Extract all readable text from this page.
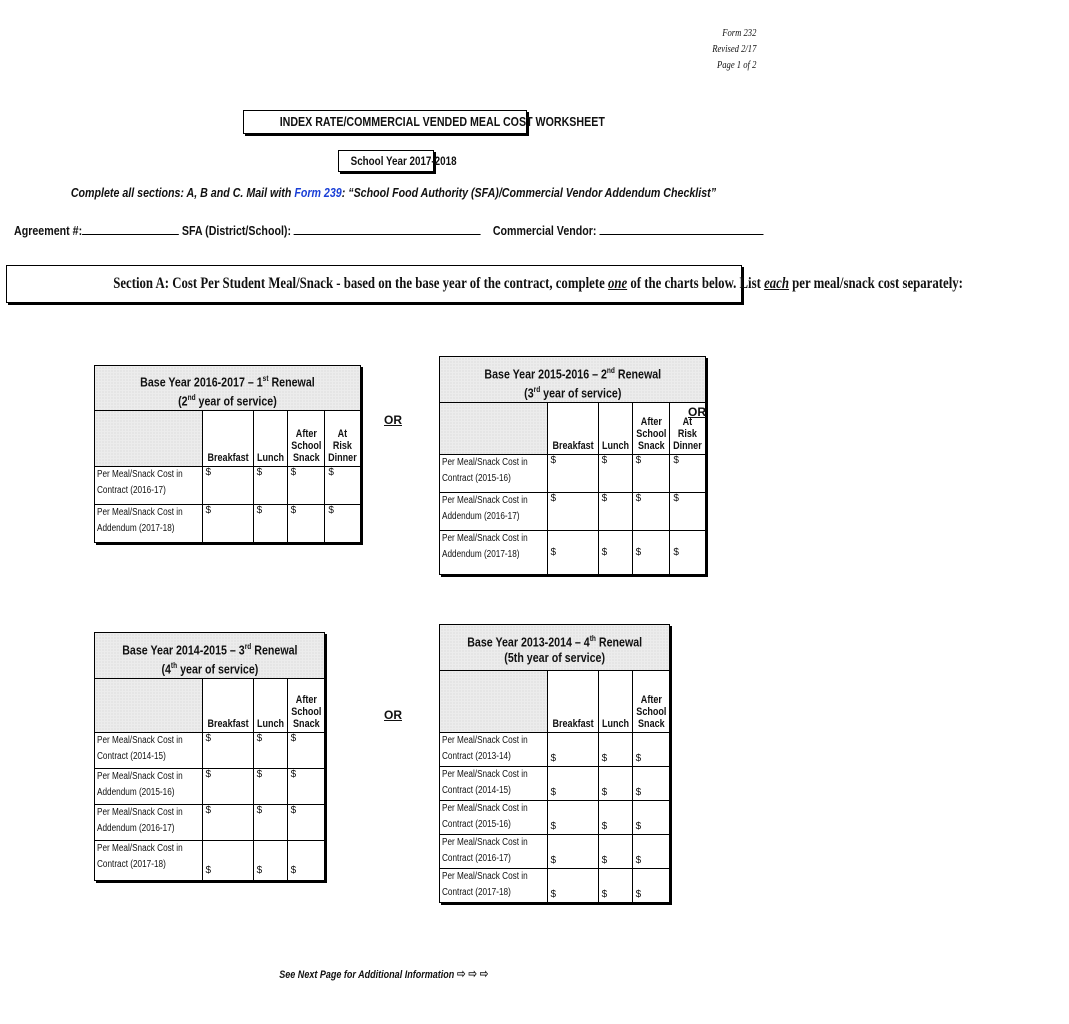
Form 232
Revised 2/17
Page 1 of 2
INDEX RATE/COMMERCIAL VENDED MEAL COST WORKSHEET
School Year 2017-2018
Complete all sections: A, B and C. Mail with Form 239: “School Food Authority (SFA)/Commercial Vendor Addendum Checklist”
Agreement #:	SFA (District/School):	Commercial Vendor:
Section A: Cost Per Student Meal/Snack - based on the base year of the contract, complete one of the charts below. List each per meal/snack cost separately:
Base Year 2016-2017 – 1st Renewal
(2nd year of service)				
	Breakfast	Lunch	After
School
Snack	At
Risk
Dinner
Per Meal/Snack Cost in
Contract (2016-17)	$	$	$	$
Per Meal/Snack Cost in
Addendum (2017-18)	$	$	$	$
OR
Base Year 2015-2016 – 2nd Renewal
(3rd year of service)				
	Breakfast	Lunch	After
School
Snack	At
Risk
Dinner
Per Meal/Snack Cost in
Contract (2015-16)	$	$	$	$
Per Meal/Snack Cost in
Addendum (2016-17)	$	$	$	$
Per Meal/Snack Cost in
Addendum (2017-18)	$	$	$	$
OR
Base Year 2014-2015 – 3rd Renewal
(4th year of service)			
	Breakfast	Lunch	After
School
Snack
Per Meal/Snack Cost in
Contract (2014-15)	$	$	$
Per Meal/Snack Cost in
Addendum (2015-16)	$	$	$
Per Meal/Snack Cost in
Addendum (2016-17)	$	$	$
Per Meal/Snack Cost in
Contract (2017-18)	$	$	$
OR
Base Year 2013-2014 – 4th Renewal
(5th year of service)			
	Breakfast	Lunch	After
School
Snack
Per Meal/Snack Cost in
Contract (2013-14)	$	$	$
Per Meal/Snack Cost in
Contract (2014-15)	$	$	$
Per Meal/Snack Cost in
Contract (2015-16)	$	$	$
Per Meal/Snack Cost in
Contract (2016-17)	$	$	$
Per Meal/Snack Cost in
Contract (2017-18)	$	$	$
See Next Page for Additional Information ⇨⇨⇨
